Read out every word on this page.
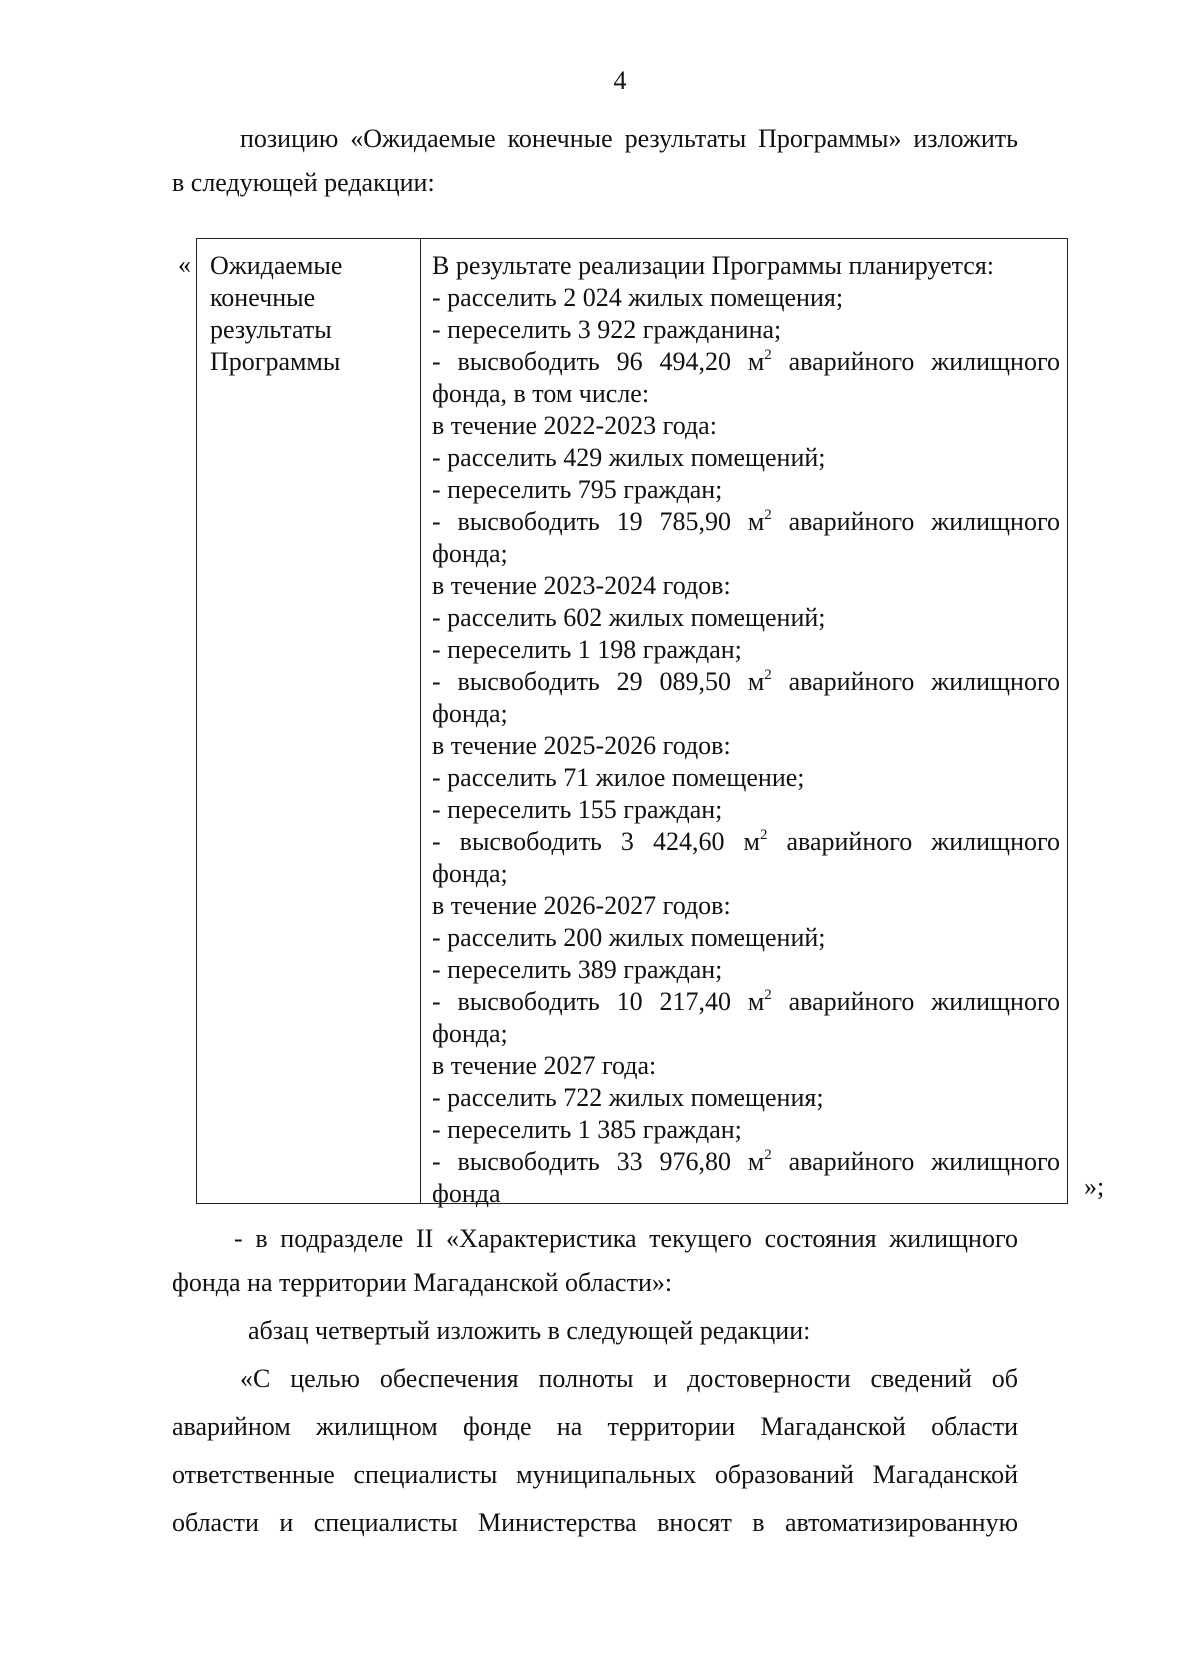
4
позицию «Ожидаемые конечные результаты Программы» изложить
в следующей редакции:
« Ожидаемые
конечные
результаты
Программы
В результате реализации Программы планируется:
- расселить 2 024 жилых помещения;
- переселить 3 922 гражданина;
- высвободить 96 494,20 $м^2$ аварийного жилищного
фонда, в том числе:
в течение 2022-2023 года:
- расселить 429 жилых помещений;
- переселить 795 граждан;
- высвободить 19 785,90 $м^2$ аварийного жилищного
фонда;
в течение 2023-2024 годов:
- расселить 602 жилых помещений;
- переселить 1 198 граждан;
- высвободить 29 089,50 $м^2$ аварийного жилищного
фонда;
в течение 2025-2026 годов:
- расселить 71 жилое помещение;
- переселить 155 граждан;
- высвободить 3 424,60 $м^2$ аварийного жилищного
фонда;
в течение 2026-2027 годов:
- расселить 200 жилых помещений;
- переселить 389 граждан;
- высвободить 10 217,40 $м^2$ аварийного жилищного
фонда;
в течение 2027 года:
- расселить 722 жилых помещения;
- переселить 1 385 граждан;
- высвободить 33 976,80 $м^2$ аварийного жилищного
фонда	»;
- в подразделе II «Характеристика текущего состояния жилищного
фонда на территории Магаданской области»:
абзац четвертый изложить в следующей редакции:
«С целью обеспечения полноты и достоверности сведений об
аварийном жилищном фонде на территории Магаданской области
ответственные специалисты муниципальных образований Магаданской
области и специалисты Министерства вносят в автоматизированную
